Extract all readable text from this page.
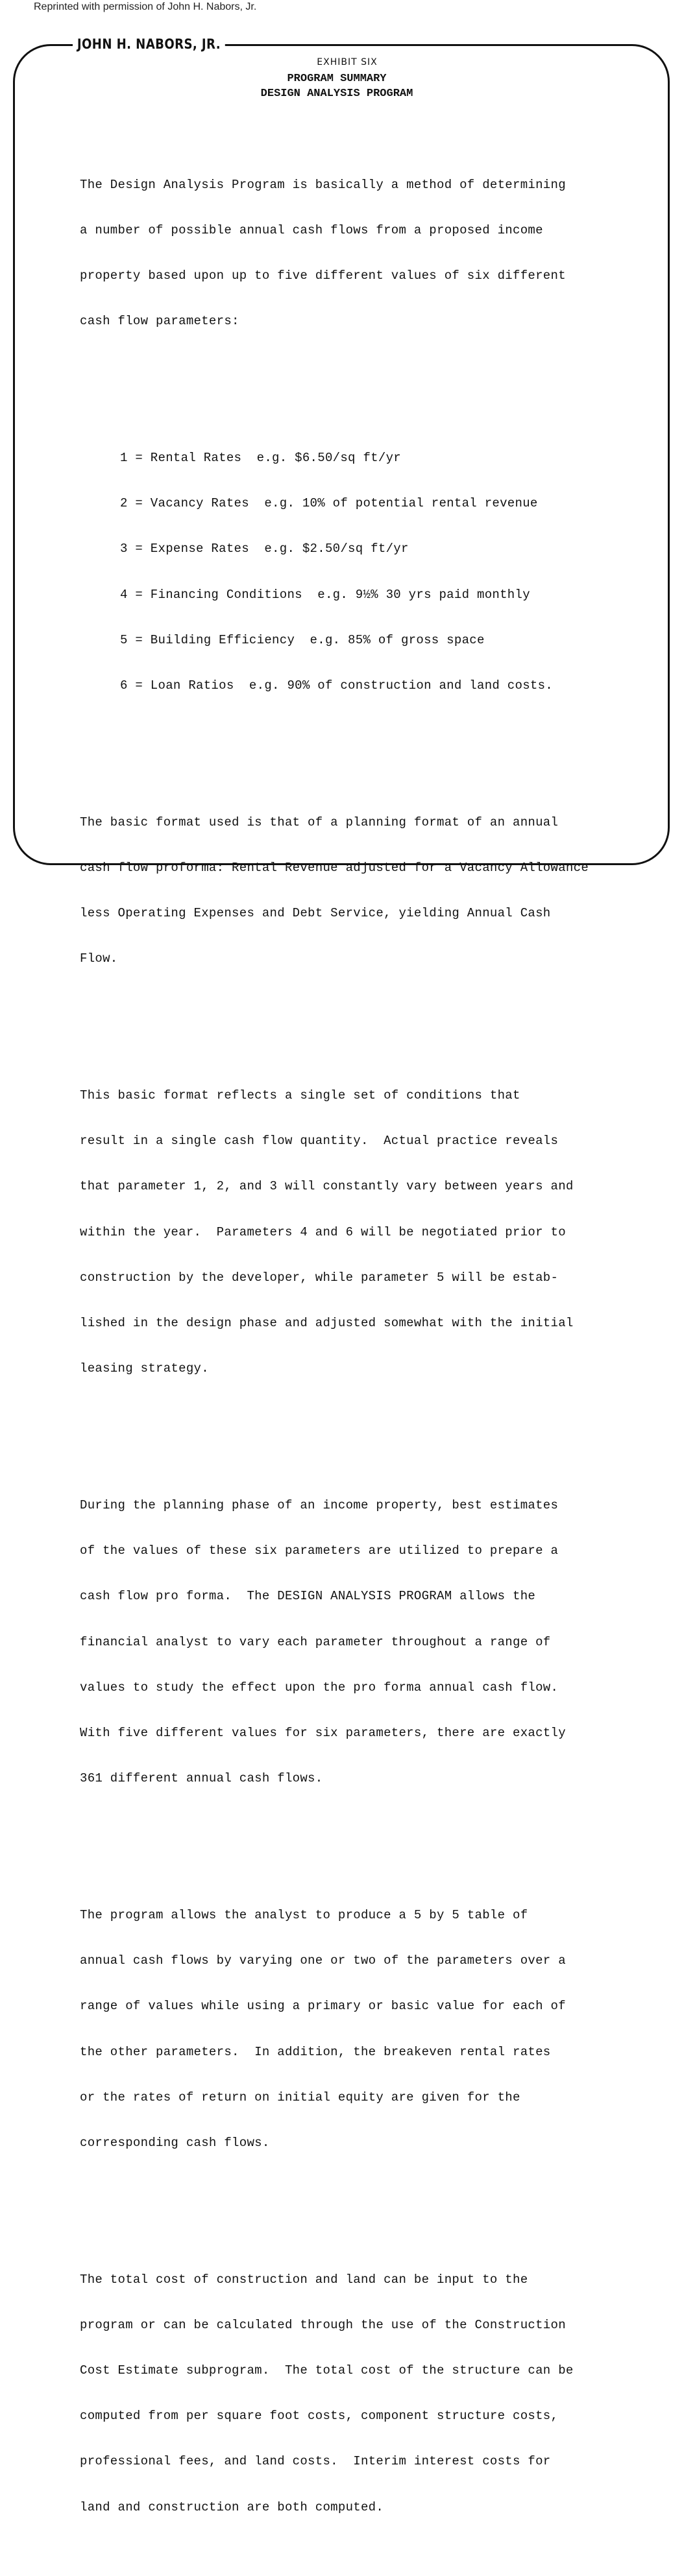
Reprinted with permission of John H. Nabors, Jr.
JOHN H. NABORS, JR.
EXHIBIT SIX
PROGRAM SUMMARY
DESIGN ANALYSIS PROGRAM

The Design Analysis Program is basically a method of determining

a number of possible annual cash flows from a proposed income

property based upon up to five different values of six different

cash flow parameters:

1 = Rental Rates  e.g. $6.50/sq ft/yr

2 = Vacancy Rates  e.g. 10% of potential rental revenue

3 = Expense Rates  e.g. $2.50/sq ft/yr

4 = Financing Conditions  e.g. 9½% 30 yrs paid monthly

5 = Building Efficiency  e.g. 85% of gross space

6 = Loan Ratios  e.g. 90% of construction and land costs.

The basic format used is that of a planning format of an annual

cash flow proforma: Rental Revenue adjusted for a Vacancy Allowance

less Operating Expenses and Debt Service, yielding Annual Cash

Flow.

This basic format reflects a single set of conditions that

result in a single cash flow quantity.  Actual practice reveals

that parameter 1, 2, and 3 will constantly vary between years and

within the year.  Parameters 4 and 6 will be negotiated prior to

construction by the developer, while parameter 5 will be estab-

lished in the design phase and adjusted somewhat with the initial

leasing strategy.

During the planning phase of an income property, best estimates

of the values of these six parameters are utilized to prepare a

cash flow pro forma.  The DESIGN ANALYSIS PROGRAM allows the

financial analyst to vary each parameter throughout a range of

values to study the effect upon the pro forma annual cash flow.

With five different values for six parameters, there are exactly

361 different annual cash flows.

The program allows the analyst to produce a 5 by 5 table of

annual cash flows by varying one or two of the parameters over a

range of values while using a primary or basic value for each of

the other parameters.  In addition, the breakeven rental rates

or the rates of return on initial equity are given for the

corresponding cash flows.

The total cost of construction and land can be input to the

program or can be calculated through the use of the Construction

Cost Estimate subprogram.  The total cost of the structure can be

computed from per square foot costs, component structure costs,

professional fees, and land costs.  Interim interest costs for

land and construction are both computed.
